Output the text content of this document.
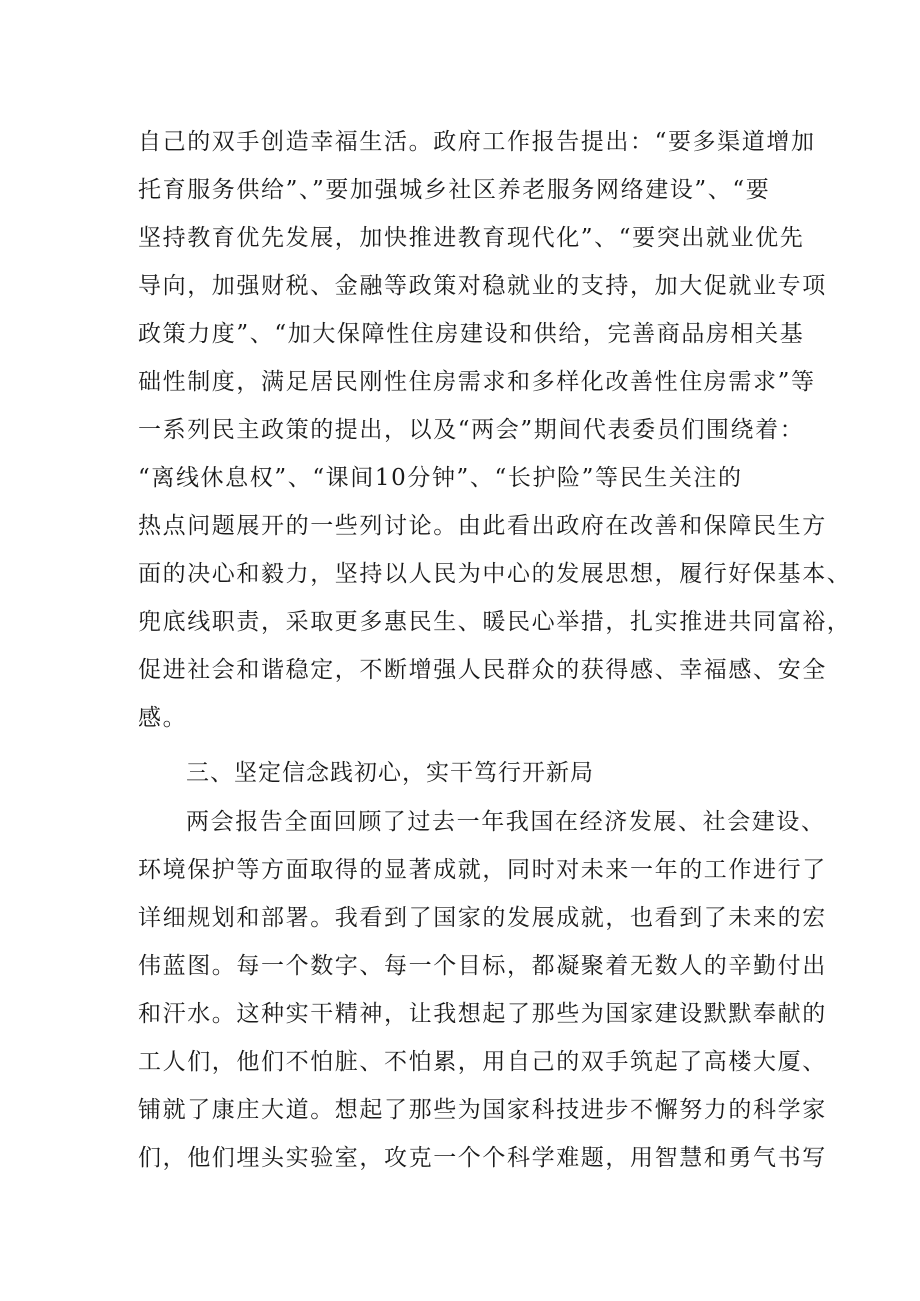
自己的双手创造幸福生活。政府工作报告提出：“要多渠道增加
托育服务供给”、”要加强城乡社区养老服务网络建设”、“要
坚持教育优先发展，加快推进教育现代化”、“要突出就业优先
导向，加强财税、金融等政策对稳就业的支持，加大促就业专项
政策力度”、“加大保障性住房建设和供给，完善商品房相关基
础性制度，满足居民刚性住房需求和多样化改善性住房需求”等
一系列民主政策的提出，以及“两会”期间代表委员们围绕着：
“离线休息权”、“课间10分钟”、“长护险”等民生关注的
热点问题展开的一些列讨论。由此看出政府在改善和保障民生方
面的决心和毅力，坚持以人民为中心的发展思想，履行好保基本、
兜底线职责，采取更多惠民生、暖民心举措，扎实推进共同富裕，
促进社会和谐稳定，不断增强人民群众的获得感、幸福感、安全
感。
三、坚定信念践初心，实干笃行开新局
两会报告全面回顾了过去一年我国在经济发展、社会建设、
环境保护等方面取得的显著成就，同时对未来一年的工作进行了
详细规划和部署。我看到了国家的发展成就，也看到了未来的宏
伟蓝图。每一个数字、每一个目标，都凝聚着无数人的辛勤付出
和汗水。这种实干精神，让我想起了那些为国家建设默默奉献的
工人们，他们不怕脏、不怕累，用自己的双手筑起了高楼大厦、
铺就了康庄大道。想起了那些为国家科技进步不懈努力的科学家
们，他们埋头实验室，攻克一个个科学难题，用智慧和勇气书写
